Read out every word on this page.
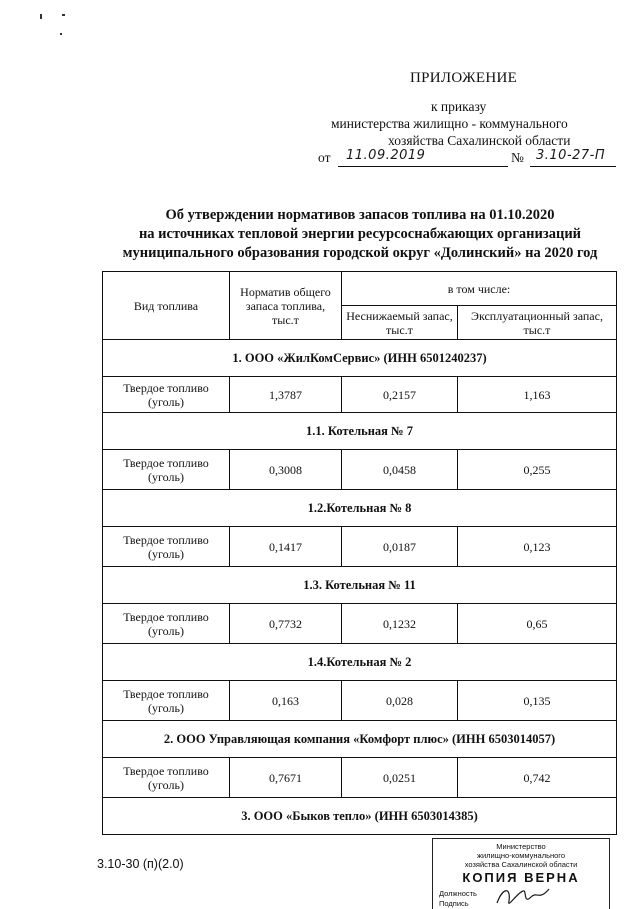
ПРИЛОЖЕНИЕ
к приказу
министерства жилищно - коммунального
хозяйства Сахалинской области
от 11.09.2019	№ 3.10-27-П
Об утверждении нормативов запасов топлива на 01.10.2020
на источниках тепловой энергии ресурсоснабжающих организаций
муниципального образования городской округ «Долинский» на 2020 год
Вид топлива	Норматив общего запаса топлива, тыс.т	в том числе:	
		Неснижаемый запас, тыс.т	Эксплуатационный запас, тыс.т
1. ООО «ЖилКомСервис» (ИНН 6501240237)			
Твердое топливо (уголь)	1,3787	0,2157	1,163
1.1. Котельная № 7			
Твердое топливо (уголь)	0,3008	0,0458	0,255
1.2.Котельная № 8			
Твердое топливо (уголь)	0,1417	0,0187	0,123
1.3. Котельная № 11			
Твердое топливо (уголь)	0,7732	0,1232	0,65
1.4.Котельная № 2			
Твердое топливо (уголь)	0,163	0,028	0,135
2. ООО Управляющая компания «Комфорт плюс» (ИНН 6503014057)			
Твердое топливо (уголь)	0,7671	0,0251	0,742
3. ООО «Быков тепло» (ИНН 6503014385)			
3.10-30 (п)(2.0)
Министерство
жилищно-коммунального
хозяйства Сахалинской области
КОПИЯ ВЕРНА
Должность
Подпись
